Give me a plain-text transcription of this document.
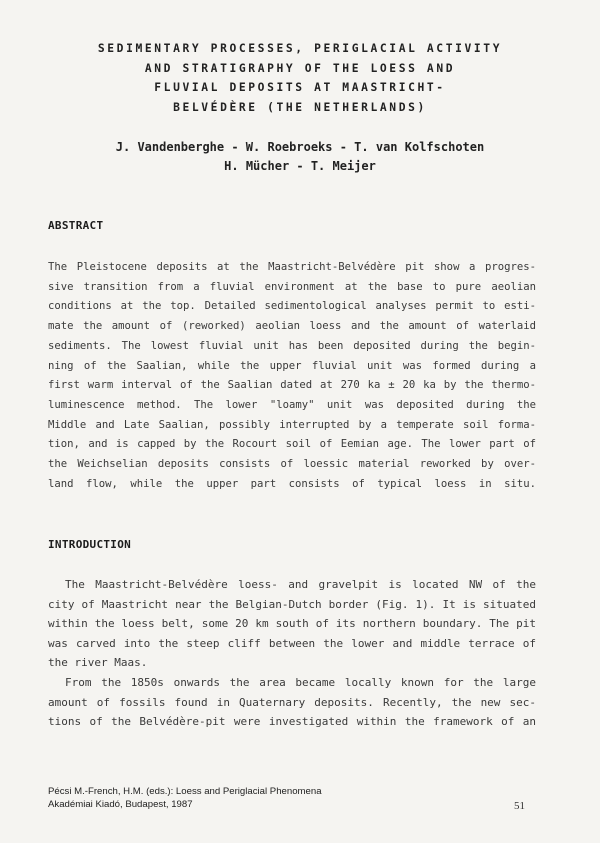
SEDIMENTARY PROCESSES, PERIGLACIAL ACTIVITY
AND STRATIGRAPHY OF THE LOESS AND
FLUVIAL DEPOSITS AT MAASTRICHT-
BELVÉDÈRE (THE NETHERLANDS)
J. Vandenberghe - W. Roebroeks - T. van Kolfschoten
H. Mücher - T. Meijer
ABSTRACT
The Pleistocene deposits at the Maastricht-Belvédère pit show a progres-
sive transition from a fluvial environment at the base to pure aeolian
conditions at the top. Detailed sedimentological analyses permit to esti-
mate the amount of (reworked) aeolian loess and the amount of waterlaid
sediments. The lowest fluvial unit has been deposited during the begin-
ning of the Saalian, while the upper fluvial unit was formed during a
first warm interval of the Saalian dated at 270 ka ± 20 ka by the thermo-
luminescence method. The lower "loamy" unit was deposited during the
Middle and Late Saalian, possibly interrupted by a temperate soil forma-
tion, and is capped by the Rocourt soil of Eemian age. The lower part of
the Weichselian deposits consists of loessic material reworked by over-
land flow, while the upper part consists of typical loess in situ.
INTRODUCTION
The Maastricht-Belvédère loess- and gravelpit is located NW of the
city of Maastricht near the Belgian-Dutch border (Fig. 1). It is situated
within the loess belt, some 20 km south of its northern boundary. The pit
was carved into the steep cliff between the lower and middle terrace of
the river Maas.
From the 1850s onwards the area became locally known for the large
amount of fossils found in Quaternary deposits. Recently, the new sec-
tions of the Belvédère-pit were investigated within the framework of an
Pécsi M.-French, H.M. (eds.): Loess and Periglacial Phenomena
Akadémiai Kiadó, Budapest, 1987	51
